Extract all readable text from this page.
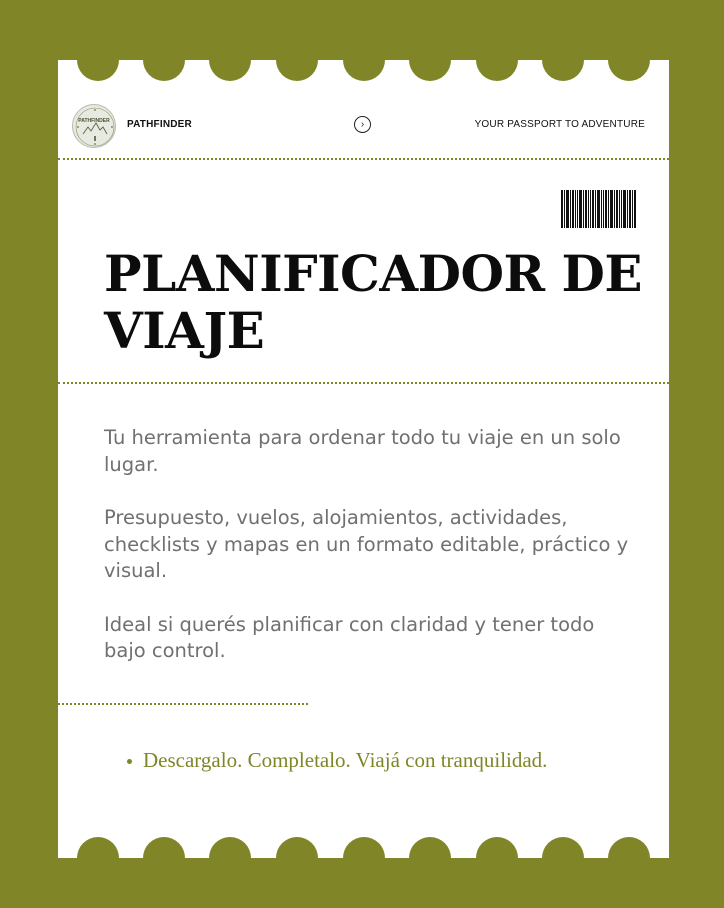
PATHFINDER	PATHFINDER	›	YOUR PASSPORT TO ADVENTURE
PLANIFICADOR DE
VIAJE

Tu herramienta para ordenar todo tu viaje en un solo lugar.

Presupuesto, vuelos, alojamientos, actividades, checklists y mapas en un formato editable, práctico y visual.

Ideal si querés planificar con claridad y tener todo bajo control.

Descargalo. Completalo. Viajá con tranquilidad.
